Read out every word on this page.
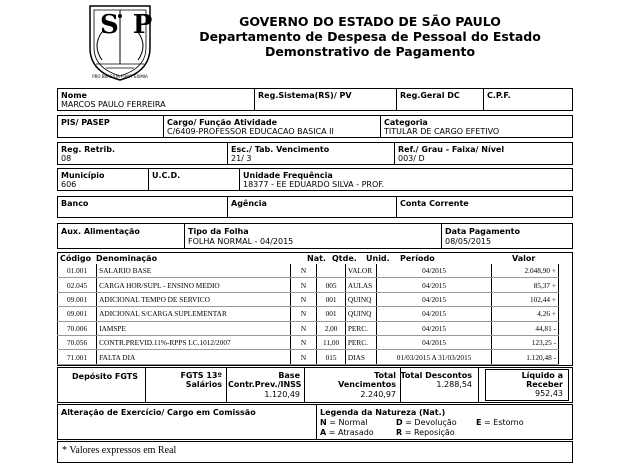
SP
PRO BRASILIA FIANT EXIMIA
GOVERNO DO ESTADO DE SÃO PAULO
Departamento de Despesa de Pessoal do Estado
Demonstrativo de Pagamento
Nome
MARCOS PAULO FERREIRA
Reg.Sistema(RS)/ PV	Reg.Geral DC	C.P.F.
PIS/ PASEP	Cargo/ Função Atividade
C/6409-PROFESSOR EDUCACAO BASICA II
Categoria
TITULAR DE CARGO EFETIVO
Reg. Retrib.
08
Esc./ Tab. Vencimento
21/ 3
Ref./ Grau - Faixa/ Nível
003/ D
Município
606
U.C.D.	Unidade Frequência
18377 - EE EDUARDO SILVA - PROF.
Banco	Agência	Conta Corrente
Aux. Alimentação	Tipo da Folha
FOLHA NORMAL - 04/2015
Data Pagamento
08/05/2015
Código Denominação	Nat. Qtde. Unid. Período	Valor
01.001	SALARIO BASE	N		VALOR	04/2015	2.048,90 +
02.045	CARGA HOR/SUPL - ENSINO MEDIO	N	005	AULAS	04/2015	85,37 +
09.001	ADICIONAL TEMPO DE SERVICO	N	001	QUINQ	04/2015	102,44 +
09.001	ADICIONAL S/CARGA SUPLEMENTAR	N	001	QUINQ	04/2015	4,26 +
70.006	IAMSPE	N	2,00	PERC.	04/2015	44,81 -
70.056	CONTR.PREVID.11%-RPPS LC.1012/2007	N	11,00	PERC.	04/2015	123,25 -
71.001	FALTA DIA	N	015	DIAS	01/03/2015 A 31/03/2015	1.120,48 -
Depósito FGTS	FGTS 13º
Salários
Base
Contr.Prev./INSS
1.120,49
Total
Vencimentos
2.240,97
Total Descontos
1.288,54
Líquido a
Receber
952,43
Alteração de Exercício/ Cargo em Comissão	Legenda da Natureza (Nat.)
N = Normal	D = Devolução E = Estorno
A = Atrasado	R = Reposição
* Valores expressos em Real
